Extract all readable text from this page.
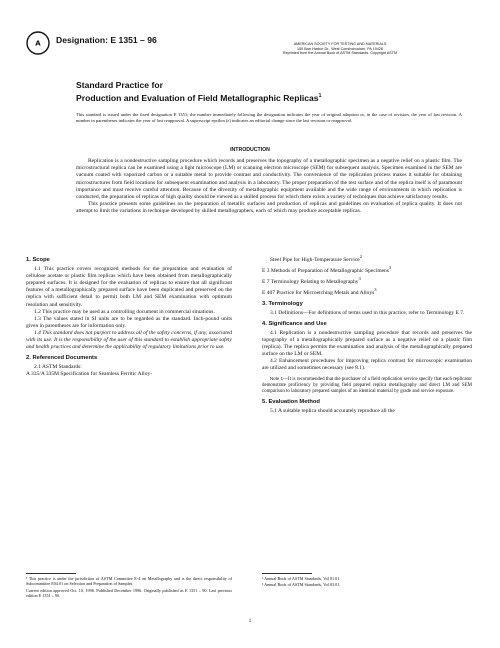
A Designation: E 1351 – 96	AMERICAN SOCIETY FOR TESTING AND MATERIALS
100 Barr Harbor Dr., West Conshohocken, PA 19428
Reprinted from the Annual Book of ASTM Standards. Copyright ASTM
Standard Practice for
Production and Evaluation of Field Metallographic Replicas$^1$
This standard is issued under the fixed designation E 1351; the number immediately following the designation indicates the year of original adoption or, in the case of revision, the year of last revision. A number in parentheses indicates the year of last reapproval. A superscript epsilon (ε) indicates an editorial change since the last revision or reapproval.
INTRODUCTION

Replication is a nondestructive sampling procedure which records and preserves the topography of a metallographic specimen as a negative relief on a plastic film. The microstructural replica can be examined using a light microscope (LM) or scanning electron microscope (SEM) for subsequent analysis. Specimen examined in the SEM are vacuum coated with vaporized carbon or a suitable metal to provide contrast and conductivity. The convenience of the replication process makes it suitable for obtaining microstructures from field locations for subsequent examination and analysis in a laboratory. The proper preparation of the test surface and of the replica itself is of paramount importance and must receive careful attention. Because of the diversity of metallographic equipment available and the wide range of environments in which replication is conducted, the preparation of replicas of high quality should be viewed as a skilled process for which there exists a variety of techniques that achieve satisfactory results.

This practice presents some guidelines on the preparation of metallic surfaces and production of replicas and guidelines on evaluation of replica quality. It does not attempt to limit the variations in technique developed by skilled metallographers, each of which may produce acceptable replicas.

1. Scope

1.1 This practice covers recognized methods for the preparation and evaluation of cellulose acetate or plastic film replicas which have been obtained from metallographically prepared surfaces. It is designed for the evaluation of replicas to ensure that all significant features of a metallographically prepared surface have been duplicated and preserved on the replica with sufficient detail to permit both LM and SEM examination with optimum resolution and sensitivity.

1.2 This practice may be used as a controlling document in commercial situations.

1.3 The values stated in SI units are to be regarded as the standard. Inch-pound units given in parentheses are for information only.

1.4 This standard does not purport to address all of the safety concerns, if any, associated with its use. It is the responsibility of the user of this standard to establish appropriate safety and health practices and determine the applicability of regulatory limitations prior to use.

2. Referenced Documents

2.1 ASTM Standards:

A 335/A 335M Specification for Seamless Ferritic Alloy-

Steel Pipe for High-Temperature Service$^2$

E 3 Methods of Preparation of Metallographic Specimens$^3$

E 7 Terminology Relating to Metallography$^3$

E 407 Practice for Microetching Metals and Alloys$^3$

3. Terminology

3.1 Definitions—For definitions of terms used in this practice, refer to Terminology E 7.

4. Significance and Use

4.1 Replication is a nondestructive sampling procedure that records and preserves the topography of a metallographically prepared surface as a negative relief on a plastic film (replica). The replica permits the examination and analysis of the metallographically prepared surface on the LM or SEM.

4.2 Enhancement procedures for improving replica contrast for microscopic examination are utilized and sometimes necessary (see 8.1).

Note 1—It is recommended that the purchaser of a field replication service specify that each replicator demonstrate proficiency by providing field prepared replica metallography and direct LM and SEM comparison to laboratory prepared samples of an identical material by grade and service exposure.

5. Evaluation Method

5.1 A suitable replica should accurately reproduce all the

¹ This practice is under the jurisdiction of ASTM Committee E-4 on Metallography and is the direct responsibility of Subcommittee E04.01 on Selection and Preparation of Samples.

Current edition approved Oct. 10, 1996. Published December 1996. Originally published as E 1351 – 90. Last previous edition E 1351 – 90.

² Annual Book of ASTM Standards, Vol 01.01.

³ Annual Book of ASTM Standards, Vol 03.01.

1
